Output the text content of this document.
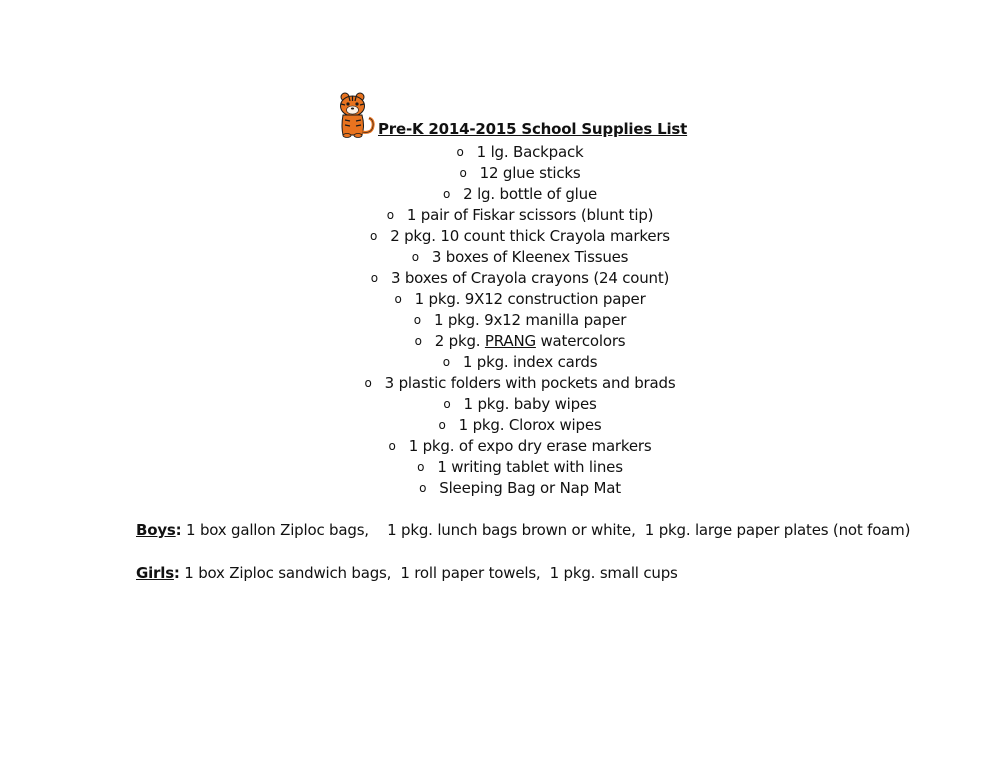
Pre-K 2014-2015 School Supplies List
o 1 lg. Backpack
o 12 glue sticks
o 2 lg. bottle of glue
o 1 pair of Fiskar scissors (blunt tip)
o 2 pkg. 10 count thick Crayola markers
o 3 boxes of Kleenex Tissues
o 3 boxes of Crayola crayons (24 count)
o 1 pkg. 9X12 construction paper
o 1 pkg. 9x12 manilla paper
o 2 pkg. PRANG watercolors
o 1 pkg. index cards
o 3 plastic folders with pockets and brads
o 1 pkg. baby wipes
o 1 pkg. Clorox wipes
o 1 pkg. of expo dry erase markers
o 1 writing tablet with lines
o Sleeping Bag or Nap Mat
Boys: 1 box gallon Ziploc bags,    1 pkg. lunch bags brown or white,  1 pkg. large paper plates (not foam)
Girls: 1 box Ziploc sandwich bags,  1 roll paper towels,  1 pkg. small cups
